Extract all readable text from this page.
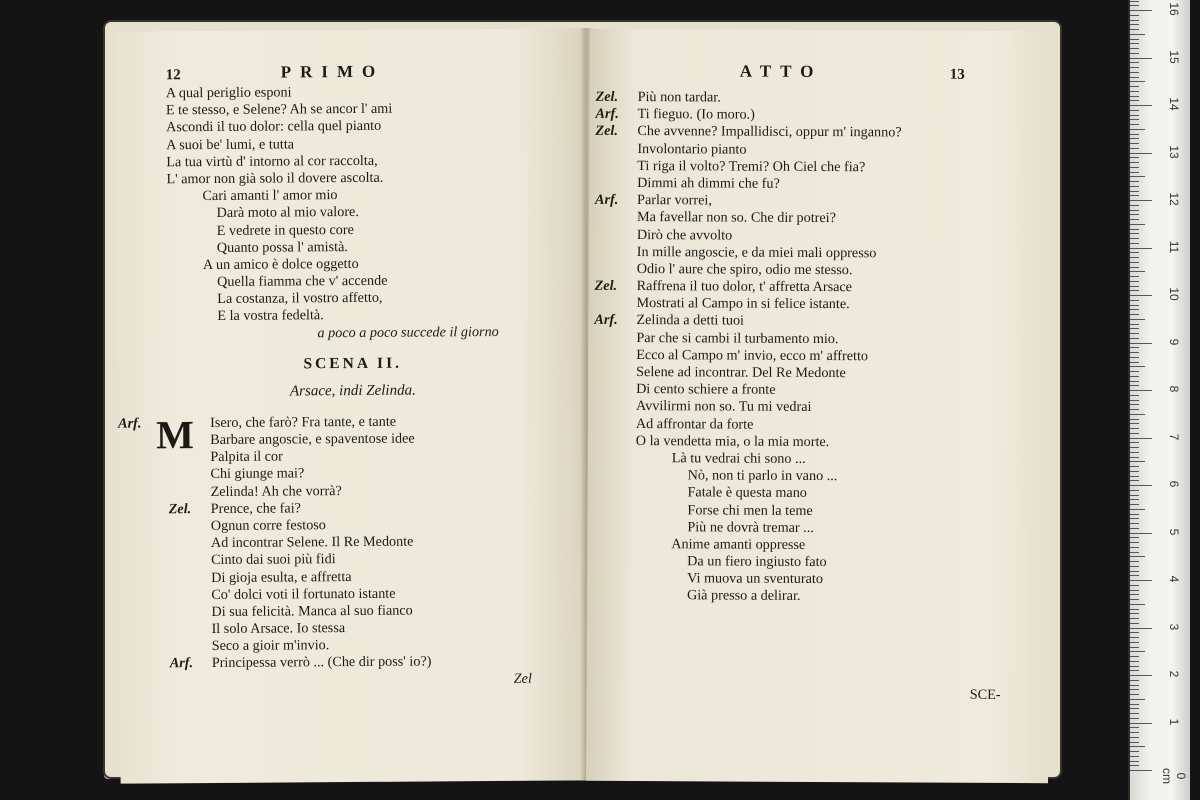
12	PRIMO
A qual periglio esponi
E te stesso, e Selene? Ah se ancor l' ami
Ascondi il tuo dolor: cella quel pianto
A suoi be' lumi, e tutta
La tua virtù d' intorno al cor raccolta,
L' amor non già solo il dovere ascolta.
Cari amanti l' amor mio
Darà moto al mio valore.
E vedrete in questo core
Quanto possa l' amistà.
A un amico è dolce oggetto
Quella fiamma che v' accende
La costanza, il vostro affetto,
E la vostra fedeltà.
a poco a poco succede il giorno
SCENA II.
Arsace, indi Zelinda.
Arf.	Isero, che farò? Fra tante, e tante
Barbare angoscie, e spaventose idee
Palpita il cor
Chi giunge mai?
Zelinda! Ah che vorrà?
Zel. Prence, che fai?
Ognun corre festoso
Ad incontrar Selene. Il Re Medonte
Cinto dai suoi più fidi
Di gioja esulta, e affretta
Co' dolci voti il fortunato istante
Di sua felicità. Manca al suo fianco
Il solo Arsace. Io stessa
Seco a gioir m'invio.
Arf. Principessa verrò ... (Che dir poss' io?)
M
Zel
ATTO	13
Zel. Più non tardar.
Arf. Ti fieguo. (Io moro.)
Zel. Che avvenne? Impallidisci, oppur m' inganno?
Involontario pianto
Ti riga il volto? Tremi? Oh Ciel che fia?
Dimmi ah dimmi che fu?
Arf. Parlar vorrei,
Ma favellar non so. Che dir potrei?
Dirò che avvolto
In mille angoscie, e da miei mali oppresso
Odio l' aure che spiro, odio me stesso.
Zel. Raffrena il tuo dolor, t' affretta Arsace
Mostrati al Campo in si felice istante.
Arf. Zelinda a detti tuoi
Par che si cambi il turbamento mio.
Ecco al Campo m' invio, ecco m' affretto
Selene ad incontrar. Del Re Medonte
Di cento schiere a fronte
Avvilirmi non so. Tu mi vedrai
Ad affrontar da forte
O la vendetta mia, o la mia morte.
Là tu vedrai chi sono ...
Nò, non ti parlo in vano ...
Fatale è questa mano
Forse chi men la teme
Più ne dovrà tremar ...
Anime amanti oppresse
Da un fiero ingiusto fato
Vi muova un sventurato
Già presso a delirar.
SCE-
0 cm
1
2
3
4
5
6
7
8
9
10
11
12
13
14
15
16
